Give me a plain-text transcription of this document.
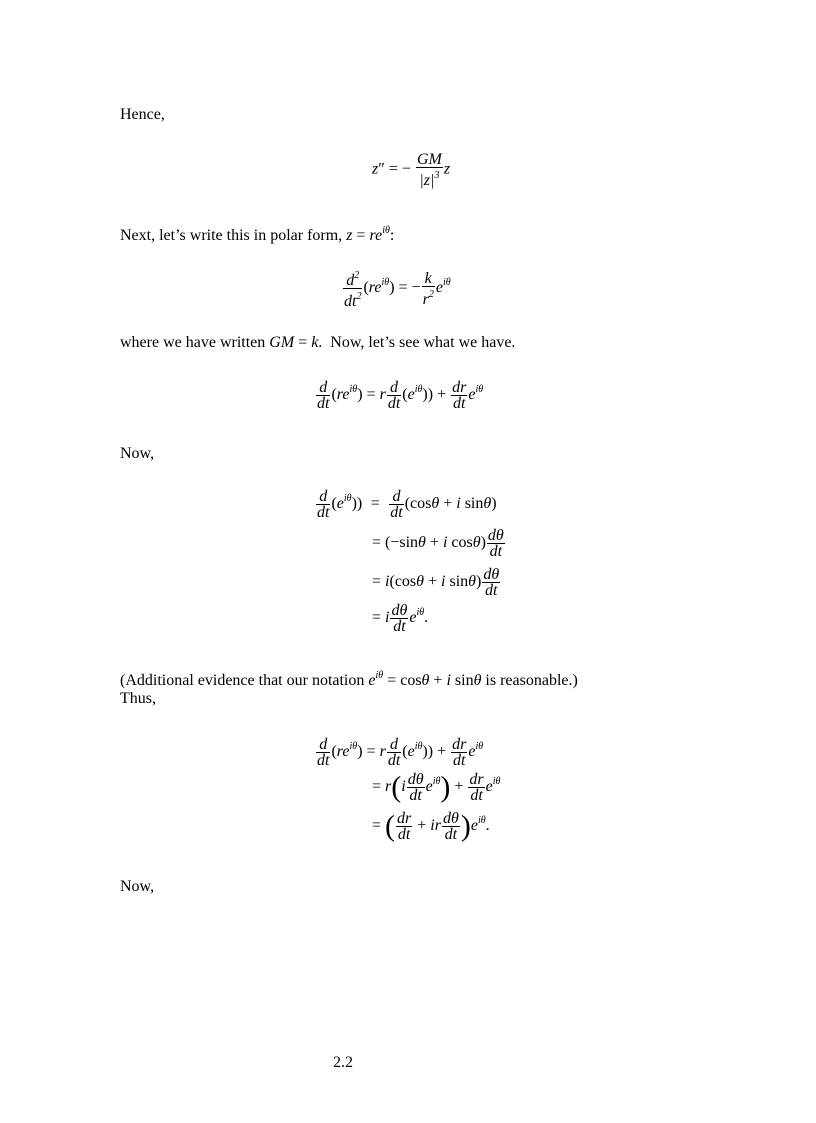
Hence,
z″ = − $\frac{GM}{|z|^3}$ z
Next, let’s write this in polar form, $z = re^{i\theta}$:
$\frac{d^2}{dt^2} (re^{i\theta})$ = − $\frac{k}{r^2} e^{i\theta}$
where we have written GM = k.  Now, let’s see what we have.
$\frac{d}{dt} (re^{i\theta}) = r \frac{d}{dt} (e^{i\theta})) + \frac{dr}{dt} e^{i\theta}$
Now,
$\frac{d}{dt} (e^{i\theta})) = \frac{d}{dt} (\cos\theta + i$ sinθ)
= (−sinθ + i $\cos\theta) \frac{d\theta}{dt}$
= i(cosθ + i $\sin\theta) \frac{d\theta}{dt}$
= i $\frac{d\theta}{dt} e^{i\theta}$.
(Additional evidence that our notation $e^{i\theta} = \cos\theta + i$ sinθ is reasonable.)
Thus,
$\frac{d}{dt} (re^{i\theta}) = r \frac{d}{dt} (e^{i\theta})) + \frac{dr}{dt} e^{i\theta}$
= $r(i \frac{d\theta}{dt} e^{i\theta}) + \frac{dr}{dt} e^{i\theta}$
= ( $\frac{dr}{dt}$ + ir $\frac{d\theta}{dt} )e^{i\theta}$.
Now,
2.2
